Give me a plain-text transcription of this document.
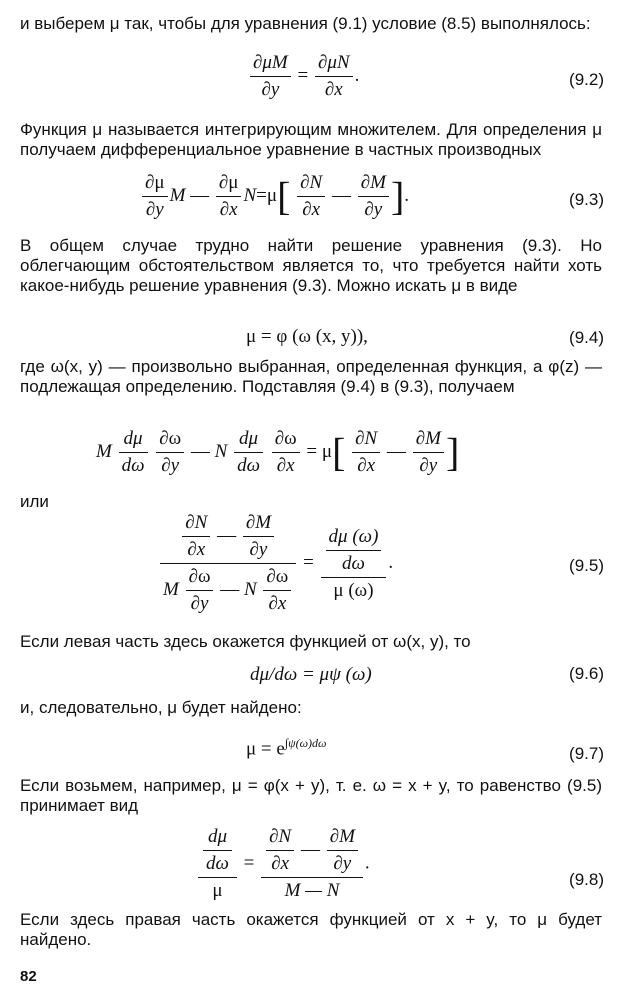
и выберем μ так, чтобы для уравнения (9.1) условие (8.5) выполнялось:

$\frac{\partial\mu M}{\partial y} = \frac{\partial\mu N}{\partial x}$ .	(9.2)

Функция μ называется интегрирующим множителем. Для определения μ получаем дифференциальное уравнение в частных производных

$\frac{\partial\mu}{\partial y}$ M — $\frac{\partial\mu}{\partial x} N=\mu[ \frac{\partial N}{\partial x}$ — $\frac{\partial M}{\partial y}$ ].	(9.3)

В общем случае трудно найти решение уравнения (9.3). Но облегчающим обстоятельством является то, что требуется найти хоть какое-нибудь решение уравнения (9.3). Можно искать μ в виде

μ = φ (ω (x, y)),	(9.4)

где ω(x, y) — произвольно выбранная, определенная функция, а φ(z) — подлежащая определению. Подставляя (9.4) в (9.3), получаем

M $\frac{d\mu}{d\omega}$
$\frac{\partial\omega}{\partial y}$ — N $\frac{d\mu}{d\omega}$
$\frac{\partial\omega}{\partial x} = \mu[ \frac{\partial N}{\partial x}$ — $\frac{\partial M}{\partial y}$ ]

или

$\frac{\frac{\partial N}{\partial x} — \frac{\partial M}{\partial y}}{M \frac{\partial\omega}{\partial y} — N \frac{\partial\omega}{\partial x}} = \frac{\frac{d\mu (\omega)}{d\omega}}{\mu (\omega)}$ .	(9.5)

Если левая часть здесь окажется функцией от ω(x, y), то

dμ/dω = μψ (ω)	(9.6)

и, следовательно, μ будет найдено:

$\mu = e^{\int\psi(\omega)d\omega}$
(9.7)

Если возьмем, например, μ = φ(x + y), т. е. ω = x + y, то равенство (9.5) принимает вид

$\frac{\frac{d\mu}{d\omega}}{\mu} = \frac{\frac{\partial N}{\partial x} — \frac{\partial M}{\partial y}}{M — N}$ .
(9.8)

Если здесь правая часть окажется функцией от x + y, то μ будет найдено.

82
